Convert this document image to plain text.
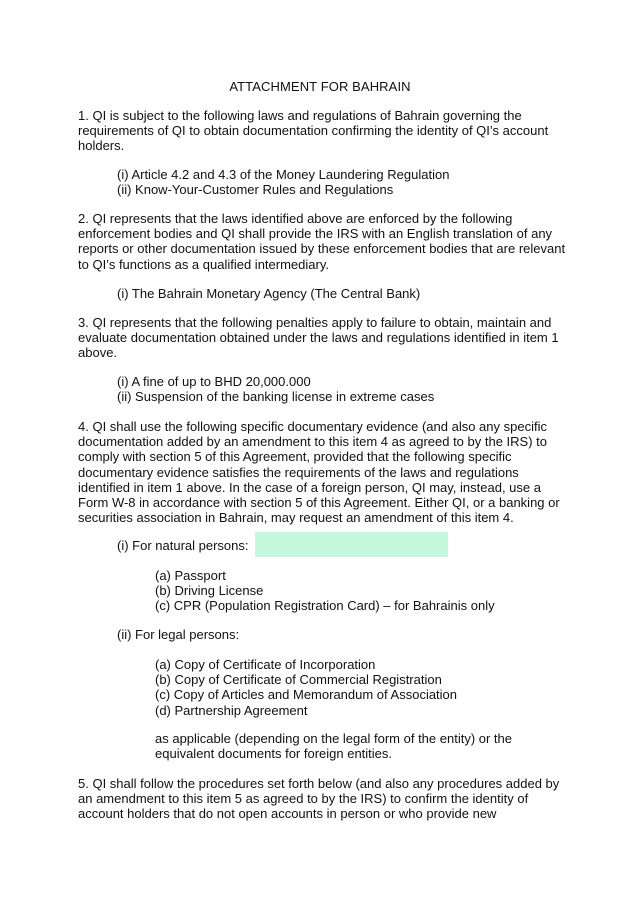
ATTACHMENT FOR BAHRAIN
1. QI is subject to the following laws and regulations of Bahrain governing the
requirements of QI to obtain documentation confirming the identity of QI’s account
holders.
(i) Article 4.2 and 4.3 of the Money Laundering Regulation
(ii) Know-Your-Customer Rules and Regulations
2. QI represents that the laws identified above are enforced by the following
enforcement bodies and QI shall provide the IRS with an English translation of any
reports or other documentation issued by these enforcement bodies that are relevant
to QI’s functions as a qualified intermediary.
(i) The Bahrain Monetary Agency (The Central Bank)
3. QI represents that the following penalties apply to failure to obtain, maintain and
evaluate documentation obtained under the laws and regulations identified in item 1
above.
(i) A fine of up to BHD 20,000.000
(ii) Suspension of the banking license in extreme cases
4. QI shall use the following specific documentary evidence (and also any specific
documentation added by an amendment to this item 4 as agreed to by the IRS) to
comply with section 5 of this Agreement, provided that the following specific
documentary evidence satisfies the requirements of the laws and regulations
identified in item 1 above. In the case of a foreign person, QI may, instead, use a
Form W-8 in accordance with section 5 of this Agreement. Either QI, or a banking or
securities association in Bahrain, may request an amendment of this item 4.
(i) For natural persons:
(a) Passport
(b) Driving License
(c) CPR (Population Registration Card) – for Bahrainis only
(ii) For legal persons:
(a) Copy of Certificate of Incorporation
(b) Copy of Certificate of Commercial Registration
(c) Copy of Articles and Memorandum of Association
(d) Partnership Agreement
as applicable (depending on the legal form of the entity) or the
equivalent documents for foreign entities.
5. QI shall follow the procedures set forth below (and also any procedures added by
an amendment to this item 5 as agreed to by the IRS) to confirm the identity of
account holders that do not open accounts in person or who provide new
